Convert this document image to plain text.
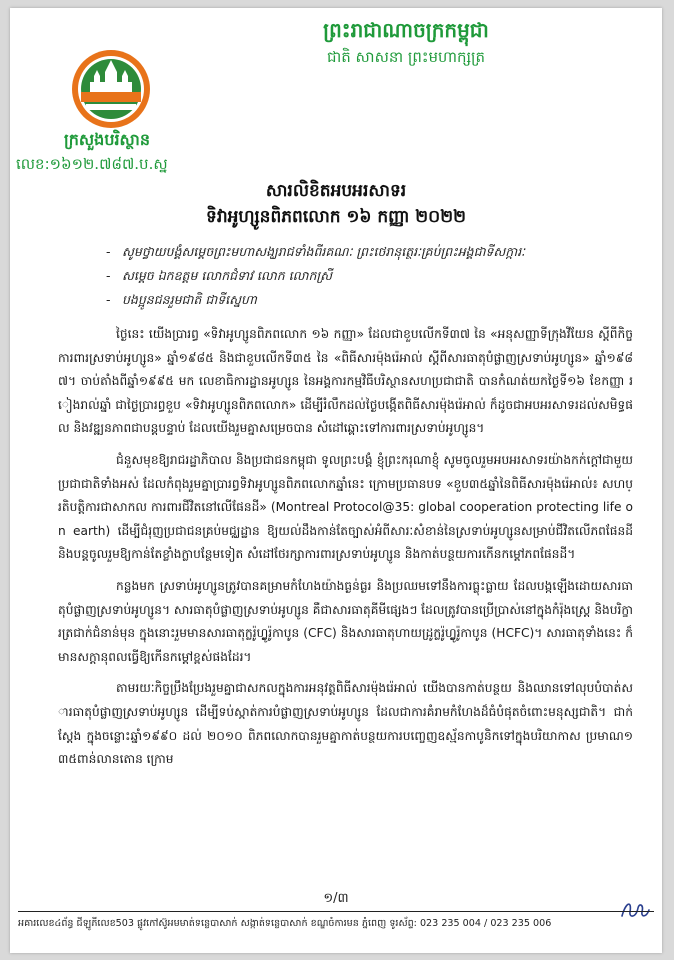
ព្រះរាជាណាចក្រកម្ពុជា
ជាតិ សាសនា ព្រះមហាក្សត្រ
ក្រសួងបរិស្ថាន
លេខ:១៦១២.៧៨៧.ប.ស្ន
សារលិខិតអបអរសាទរ
ទិវាអូហ្សូនពិភពលោក ១៦ កញ្ញា ២០២២
- សូមថ្វាយបង្គំសម្តេចព្រះមហាសង្ឃរាជទាំងពីរគណៈ ព្រះថេរានុត្ថេរៈគ្រប់ព្រះអង្គជាទីសក្ការៈ
- សម្តេច ឯកឧត្តម លោកជំទាវ លោក លោកស្រី
- បងប្អូនជនរួមជាតិ ជាទីស្នេហា

ថ្ងៃនេះ យើងប្រារព្ធ «ទិវាអូហ្សូនពិភពលោក ១៦ កញ្ញា» ដែលជាខួបលើកទី៣៧ នៃ «អនុសញ្ញាទីក្រុងវីយែន ស្តីពីកិច្ចការពារស្រទាប់អូហ្សូន» ឆ្នាំ១៩៨៥ និងជាខួបលើកទី៣៥ នៃ «ពិធីសារម៉ុងរ៉េអាល់ ស្តីពីសារធាតុបំផ្លាញស្រទាប់អូហ្សូន» ឆ្នាំ១៩៨៧។ ចាប់តាំងពីឆ្នាំ១៩៩៥ មក លេខាធិការដ្ឋានអូហ្សូន នៃអង្គការកម្មវិធីបរិស្ថានសហប្រជាជាតិ បានកំណត់យកថ្ងៃទី១៦ ខែកញ្ញា រៀងរាល់ឆ្នាំ ជាថ្ងៃប្រារព្ធខួប «ទិវាអូហ្សូនពិភពលោក» ដើម្បីរំលឹកដល់ថ្ងៃបង្កើតពិធីសារម៉ុងរ៉េអាល់ ក៏ដូចជាអបអរសាទរដល់សមិទ្ធផល និងវឌ្ឍនភាពជាបន្តបន្ទាប់ ដែលយើងរួមគ្នាសម្រេចបាន សំដៅឆ្ពោះទៅការពារស្រទាប់អូហ្សូន។

ជំនួសមុខឱ្យរាជរដ្ឋាភិបាល និងប្រជាជនកម្ពុជា ទូលព្រះបង្គំ ខ្ញុំព្រះករុណាខ្ញុំ សូមចូលរួមអបអរសាទរយ៉ាងកក់ក្តៅជាមួយប្រជាជាតិទាំងអស់ ដែលកំពុងរួមគ្នាប្រារព្ធទិវាអូហ្សូនពិភពលោកឆ្នាំនេះ ក្រោមប្រធានបទ «ខួប៣៥ឆ្នាំនៃពិធីសារម៉ុងរ៉េអាល់៖ សហប្រតិបត្តិការជាសាកល ការពារជីវិតនៅលើផែនដី» (Montreal Protocol@35: global cooperation protecting life on earth) ដើម្បីជំរុញប្រជាជនគ្រប់មជ្ឈដ្ឋាន ឱ្យយល់ដឹងកាន់តែច្បាស់អំពីសារៈសំខាន់នៃស្រទាប់អូហ្សូនសម្រាប់ជីវិតលើភពផែនដី និងបន្តចូលរួមឱ្យកាន់តែខ្លាំងក្លាបន្ថែមទៀត សំដៅថែរក្សាការពារស្រទាប់អូហ្សូន និងកាត់បន្ថយការកើនកម្តៅភពផែនដី។

កន្លងមក ស្រទាប់អូហ្សូនត្រូវបានគម្រាមកំហែងយ៉ាងធ្ងន់ធ្ងរ និងប្រឈមទៅនឹងការធ្លុះធ្លាយ ដែលបង្កឡើងដោយសារធាតុបំផ្លាញស្រទាប់អូហ្សូន។ សារធាតុបំផ្លាញស្រទាប់អូហ្សូន គឺជាសារធាតុគីមីផ្សេងៗ ដែលត្រូវបានប្រើប្រាស់នៅក្នុងកំរ៉ុងស្រ្តេ និងបរិក្ខារត្រជាក់ជំនាន់មុន ក្នុងនោះរួមមានសារធាតុក្លរ៉ូហ្វ្លូរ៉ូកាបូន (CFC) និងសារធាតុហាយដ្រូក្លរ៉ូហ្វ្លូរ៉ូកាបូន (HCFC)។ សារធាតុទាំងនេះ ក៏មានសក្តានុពលធ្វើឱ្យកើនកម្តៅខ្ពស់ផងដែរ។

តាមរយៈកិច្ចប្រឹងប្រែងរួមគ្នាជាសកលក្នុងការអនុវត្តពិធីសារម៉ុងរ៉េអាល់ យើងបានកាត់បន្ថយ និងឈានទៅលុបបំបាត់សារធាតុបំផ្លាញស្រទាប់អូហ្សូន ដើម្បីទប់ស្កាត់ការបំផ្លាញស្រទាប់អូហ្សូន ដែលជាការគំរាមកំហែងដ៏ធំបំផុតចំពោះមនុស្សជាតិ។ ជាក់ស្តែង ក្នុងចន្លោះឆ្នាំ១៩៩០ ដល់ ២០១០ ពិភពលោកបានរួមគ្នាកាត់បន្ថយការបញ្ចេញឧស្ម័នកាបូនិកទៅក្នុងបរិយាកាស ប្រមាណ១៣៥ពាន់លានតោន ក្រោម

១/៣
អគារលេខ៤ព័ន្ធ ជីឡូភីលេខ503 ផ្លូវកៅស៊ូអមមាត់ទន្លេបាសាក់ សង្កាត់ទន្លេបាសាក់ ខណ្ឌចំការមន ភ្នំពេញ ទូរស័ព្ទ: 023 235 004 / 023 235 006
